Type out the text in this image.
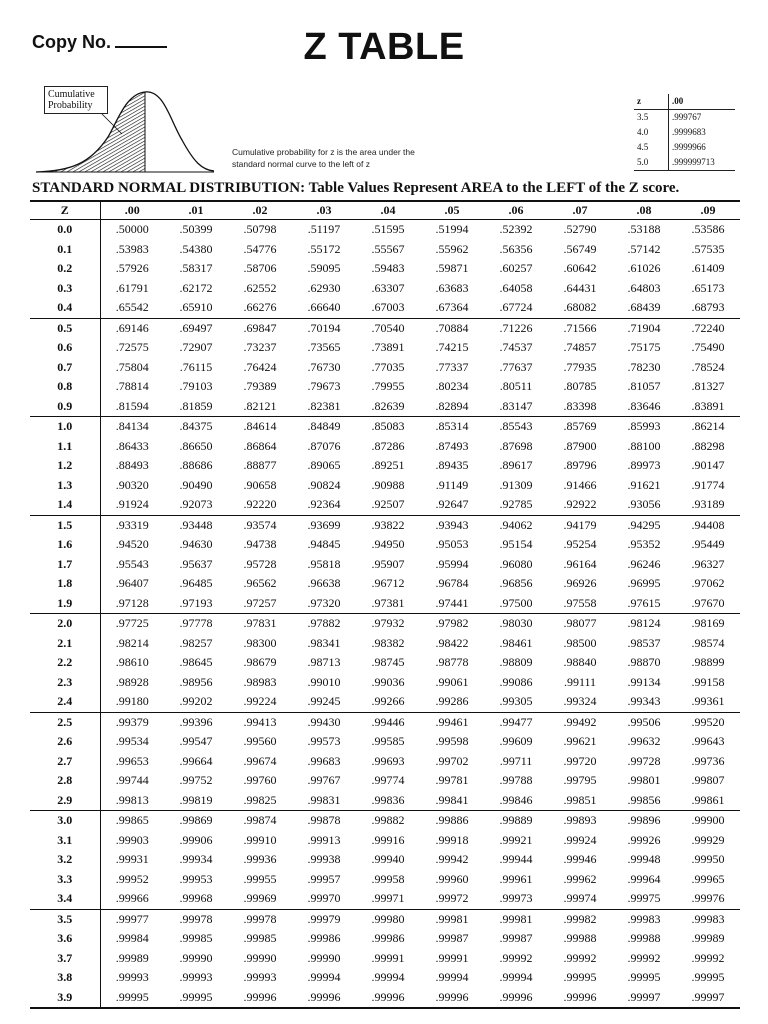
Copy No.	Z TABLE
Cumulative Probability
Cumulative probability for z is the area under the
standard normal curve to the left of z
z	.00
3.5	.999767
4.0	.9999683
4.5	.9999966
5.0	.999999713
STANDARD NORMAL DISTRIBUTION: Table Values Represent AREA to the LEFT of the Z score.
Z	.00	.01	.02	.03	.04	.05	.06	.07	.08	.09
0.0	.50000	.50399	.50798	.51197	.51595	.51994	.52392	.52790	.53188	.53586
0.1	.53983	.54380	.54776	.55172	.55567	.55962	.56356	.56749	.57142	.57535
0.2	.57926	.58317	.58706	.59095	.59483	.59871	.60257	.60642	.61026	.61409
0.3	.61791	.62172	.62552	.62930	.63307	.63683	.64058	.64431	.64803	.65173
0.4	.65542	.65910	.66276	.66640	.67003	.67364	.67724	.68082	.68439	.68793
0.5	.69146	.69497	.69847	.70194	.70540	.70884	.71226	.71566	.71904	.72240
0.6	.72575	.72907	.73237	.73565	.73891	.74215	.74537	.74857	.75175	.75490
0.7	.75804	.76115	.76424	.76730	.77035	.77337	.77637	.77935	.78230	.78524
0.8	.78814	.79103	.79389	.79673	.79955	.80234	.80511	.80785	.81057	.81327
0.9	.81594	.81859	.82121	.82381	.82639	.82894	.83147	.83398	.83646	.83891
1.0	.84134	.84375	.84614	.84849	.85083	.85314	.85543	.85769	.85993	.86214
1.1	.86433	.86650	.86864	.87076	.87286	.87493	.87698	.87900	.88100	.88298
1.2	.88493	.88686	.88877	.89065	.89251	.89435	.89617	.89796	.89973	.90147
1.3	.90320	.90490	.90658	.90824	.90988	.91149	.91309	.91466	.91621	.91774
1.4	.91924	.92073	.92220	.92364	.92507	.92647	.92785	.92922	.93056	.93189
1.5	.93319	.93448	.93574	.93699	.93822	.93943	.94062	.94179	.94295	.94408
1.6	.94520	.94630	.94738	.94845	.94950	.95053	.95154	.95254	.95352	.95449
1.7	.95543	.95637	.95728	.95818	.95907	.95994	.96080	.96164	.96246	.96327
1.8	.96407	.96485	.96562	.96638	.96712	.96784	.96856	.96926	.96995	.97062
1.9	.97128	.97193	.97257	.97320	.97381	.97441	.97500	.97558	.97615	.97670
2.0	.97725	.97778	.97831	.97882	.97932	.97982	.98030	.98077	.98124	.98169
2.1	.98214	.98257	.98300	.98341	.98382	.98422	.98461	.98500	.98537	.98574
2.2	.98610	.98645	.98679	.98713	.98745	.98778	.98809	.98840	.98870	.98899
2.3	.98928	.98956	.98983	.99010	.99036	.99061	.99086	.99111	.99134	.99158
2.4	.99180	.99202	.99224	.99245	.99266	.99286	.99305	.99324	.99343	.99361
2.5	.99379	.99396	.99413	.99430	.99446	.99461	.99477	.99492	.99506	.99520
2.6	.99534	.99547	.99560	.99573	.99585	.99598	.99609	.99621	.99632	.99643
2.7	.99653	.99664	.99674	.99683	.99693	.99702	.99711	.99720	.99728	.99736
2.8	.99744	.99752	.99760	.99767	.99774	.99781	.99788	.99795	.99801	.99807
2.9	.99813	.99819	.99825	.99831	.99836	.99841	.99846	.99851	.99856	.99861
3.0	.99865	.99869	.99874	.99878	.99882	.99886	.99889	.99893	.99896	.99900
3.1	.99903	.99906	.99910	.99913	.99916	.99918	.99921	.99924	.99926	.99929
3.2	.99931	.99934	.99936	.99938	.99940	.99942	.99944	.99946	.99948	.99950
3.3	.99952	.99953	.99955	.99957	.99958	.99960	.99961	.99962	.99964	.99965
3.4	.99966	.99968	.99969	.99970	.99971	.99972	.99973	.99974	.99975	.99976
3.5	.99977	.99978	.99978	.99979	.99980	.99981	.99981	.99982	.99983	.99983
3.6	.99984	.99985	.99985	.99986	.99986	.99987	.99987	.99988	.99988	.99989
3.7	.99989	.99990	.99990	.99990	.99991	.99991	.99992	.99992	.99992	.99992
3.8	.99993	.99993	.99993	.99994	.99994	.99994	.99994	.99995	.99995	.99995
3.9	.99995	.99995	.99996	.99996	.99996	.99996	.99996	.99996	.99997	.99997
